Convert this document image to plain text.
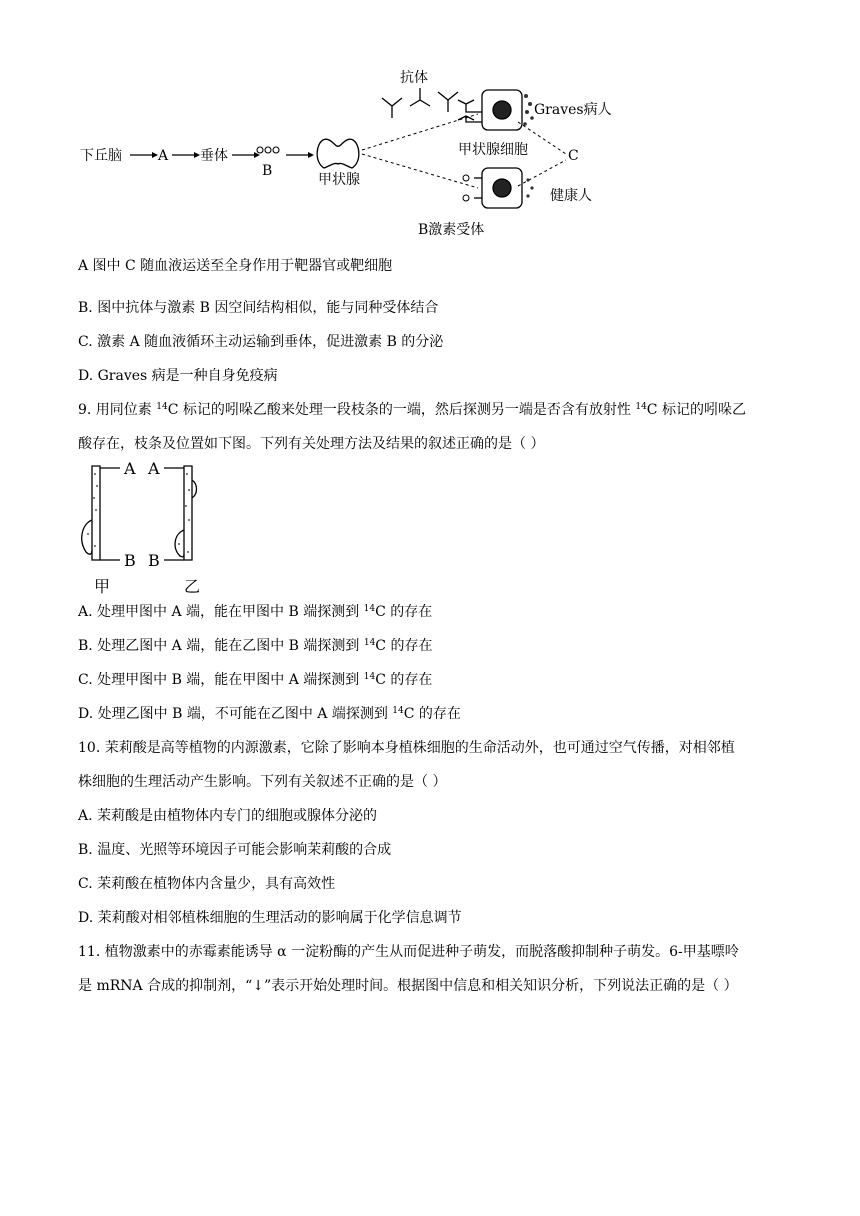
下丘脑	A 垂体
B
甲状腺
抗体
Graves病人
甲状腺细胞	C
健康人
B激素受体
A 图中 C 随血液运送至全身作用于靶器官或靶细胞
B. 图中抗体与激素 B 因空间结构相似，能与同种受体结合
C. 激素 A 随血液循环主动运输到垂体，促进激素 B 的分泌
D. Graves 病是一种自身免疫病
9. 用同位素 $^{14}$C 标记的吲哚乙酸来处理一段枝条的一端，然后探测另一端是否含有放射性 $^{14}$C 标记的吲哚乙
酸存在，枝条及位置如下图。下列有关处理方法及结果的叙述正确的是（ ）
A A
B B
甲	乙
A. 处理甲图中 A 端，能在甲图中 B 端探测到 $^{14}$C 的存在
B. 处理乙图中 A 端，能在乙图中 B 端探测到 $^{14}$C 的存在
C. 处理甲图中 B 端，能在甲图中 A 端探测到 $^{14}$C 的存在
D. 处理乙图中 B 端，不可能在乙图中 A 端探测到 $^{14}$C 的存在
10. 茉莉酸是高等植物的内源激素，它除了影响本身植株细胞的生命活动外，也可通过空气传播，对相邻植
株细胞的生理活动产生影响。下列有关叙述不正确的是（ ）
A. 茉莉酸是由植物体内专门的细胞或腺体分泌的
B. 温度、光照等环境因子可能会影响茉莉酸的合成
C. 茉莉酸在植物体内含量少，具有高效性
D. 茉莉酸对相邻植株细胞的生理活动的影响属于化学信息调节
11. 植物激素中的赤霉素能诱导 α 一淀粉酶的产生从而促进种子萌发，而脱落酸抑制种子萌发。6-甲基嘌呤
是 mRNA 合成的抑制剂，“↓”表示开始处理时间。根据图中信息和相关知识分析，下列说法正确的是（ ）
